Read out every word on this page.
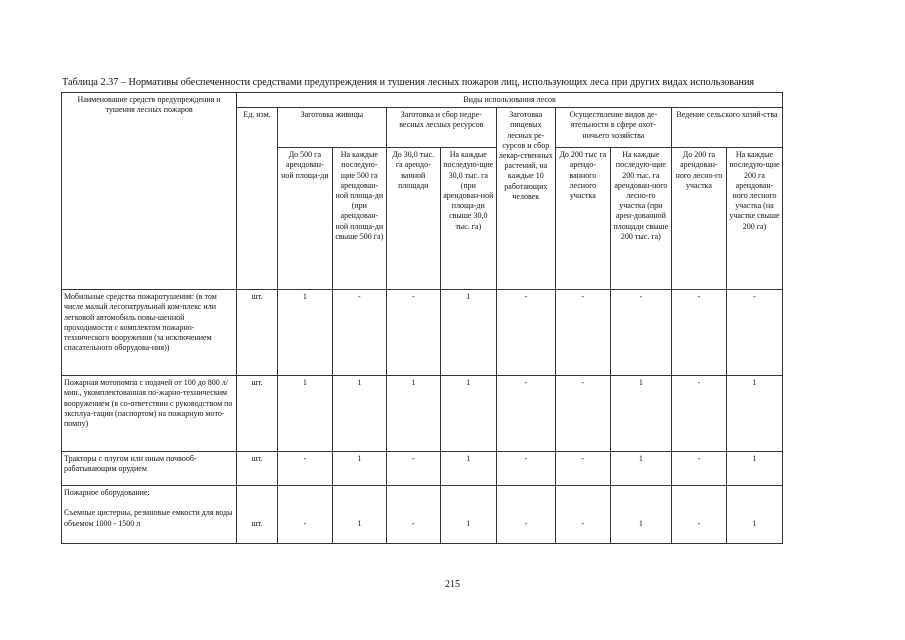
Таблица 2.37 – Нормативы обеспеченности средствами предупреждения и тушения лесных пожаров лиц, использующих леса при других видах использования
Наименование средств предупреждения и тушения лесных пожаров	Виды использования лесов									
	Ед. изм.	Заготовка живицы		Заготовка и сбор недре-весных лесных ресурсов		Заготовка пищевых лесных ре-сурсов и сбор лекар-ственных растений, на каждые 10 работающих человек	Осуществление видов де-ятельности в сфере охот-ничьего хозяйства		Ведение сельского хозяй-ства	
		До 500 га арендован-ной площа-ди	На каждые последую-щие 500 га арендован-ной площа-ди (при арендован-ной площа-ди свыше 500 га)	До 30,0 тыс. га арендо-ванной площади	На каждые последую-щие 30,0 тыс. га (при арендован-ной площа-ди свыше 30,0 тыс. га)		До 200 тыс га арендо-ванного лесного участка	На каждые последую-щие 200 тыс. га арендован-ного лесно-го участка (при арен-дованной площади свыше 200 тыс. га)	До 200 га арендован-ного лесно-го участка	На каждые последую-щие 200 га арендован-ного лесного участка (на участке свыше 200 га)
Мобильные средства пожаротушения: (в том числе малый лесопатрульный ком-плекс или легковой автомобиль повы-шенной проходимости с комплектом пожарно-технического вооружения (за исключением спасательного оборудова-ния))	шт.	1	-	-	1	-	-	-	-	-
Пожарная мотопомпа с подачей от 100 до 800 л/мин., укомплектованная по-жарно-техническим вооружением (в со-ответствии с руководством по эксплуа-тации (паспортом) на пожарную мото-помпу)	шт.	1	1	1	1	-	-	1	-	1
Тракторы с плугом или иным почвооб-рабатывающим орудием	шт.	-	1	-	1	-	-	1	-	1
Пожарное оборудование:
Съемные цистерны, резиновые емкости для воды объемом 1000 - 1500 л	шт.	-	1	-	1	-	-	1	-	1
215
